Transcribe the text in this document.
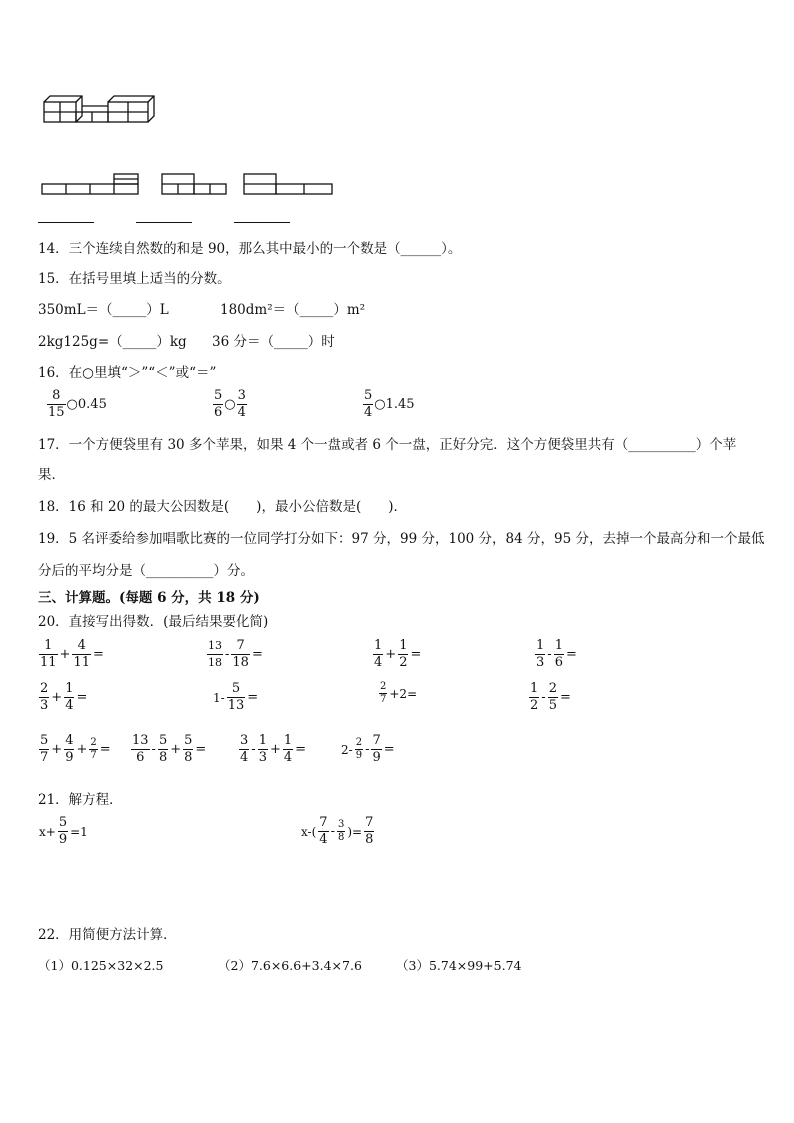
14．三个连续自然数的和是 90，那么其中最小的一个数是（______）。
15．在括号里填上适当的分数。
350mL＝（_____）L	180dm²＝（_____）m²
2kg125g=（_____）kg 36 分＝（_____）时
16．在○里填“＞”“＜”或“＝”
$\frac{8}{15}$ ○0.45	$\frac{5}{6}$ ○ $\frac{3}{4}$	$\frac{5}{4}$ ○1.45
17．一个方便袋里有 30 多个苹果，如果 4 个一盘或者 6 个一盘，正好分完．这个方便袋里共有（__________）个苹
果．
18．16 和 20 的最大公因数是(　　)，最小公倍数是(　　)．
19．5 名评委给参加唱歌比赛的一位同学打分如下：97 分，99 分，100 分，84 分，95 分，去掉一个最高分和一个最低
分后的平均分是（__________）分。
三、计算题。(每题 6 分，共 18 分)
20．直接写出得数．(最后结果要化简)
$\frac{1}{11} + \frac{4}{11}$ =	$\frac{13}{18} - \frac{7}{18}$ =	$\frac{1}{4} + \frac{1}{2}$ =	$\frac{1}{3} - \frac{1}{6}$ =
$\frac{2}{3} + \frac{1}{4}$ =	$1- \frac{5}{13}$ =	$\frac{2}{7} +2=$	$\frac{1}{2} - \frac{2}{5}$ =
$\frac{5}{7} + \frac{4}{9} + \frac{2}{7} = \frac{13}{6} - \frac{5}{8} + \frac{5}{8}$ =	$\frac{3}{4} - \frac{1}{3} + \frac{1}{4}$ =	$2- \frac{2}{9} - \frac{7}{9}$ =
21．解方程．
$x+ \frac{5}{9} =1$	$x-( \frac{7}{4} - \frac{3}{8}$ )= $\frac{7}{8}$
22．用简便方法计算．
（1）0.125×32×2.5	（2）7.6×6.6+3.4×7.6	（3）5.74×99+5.74
